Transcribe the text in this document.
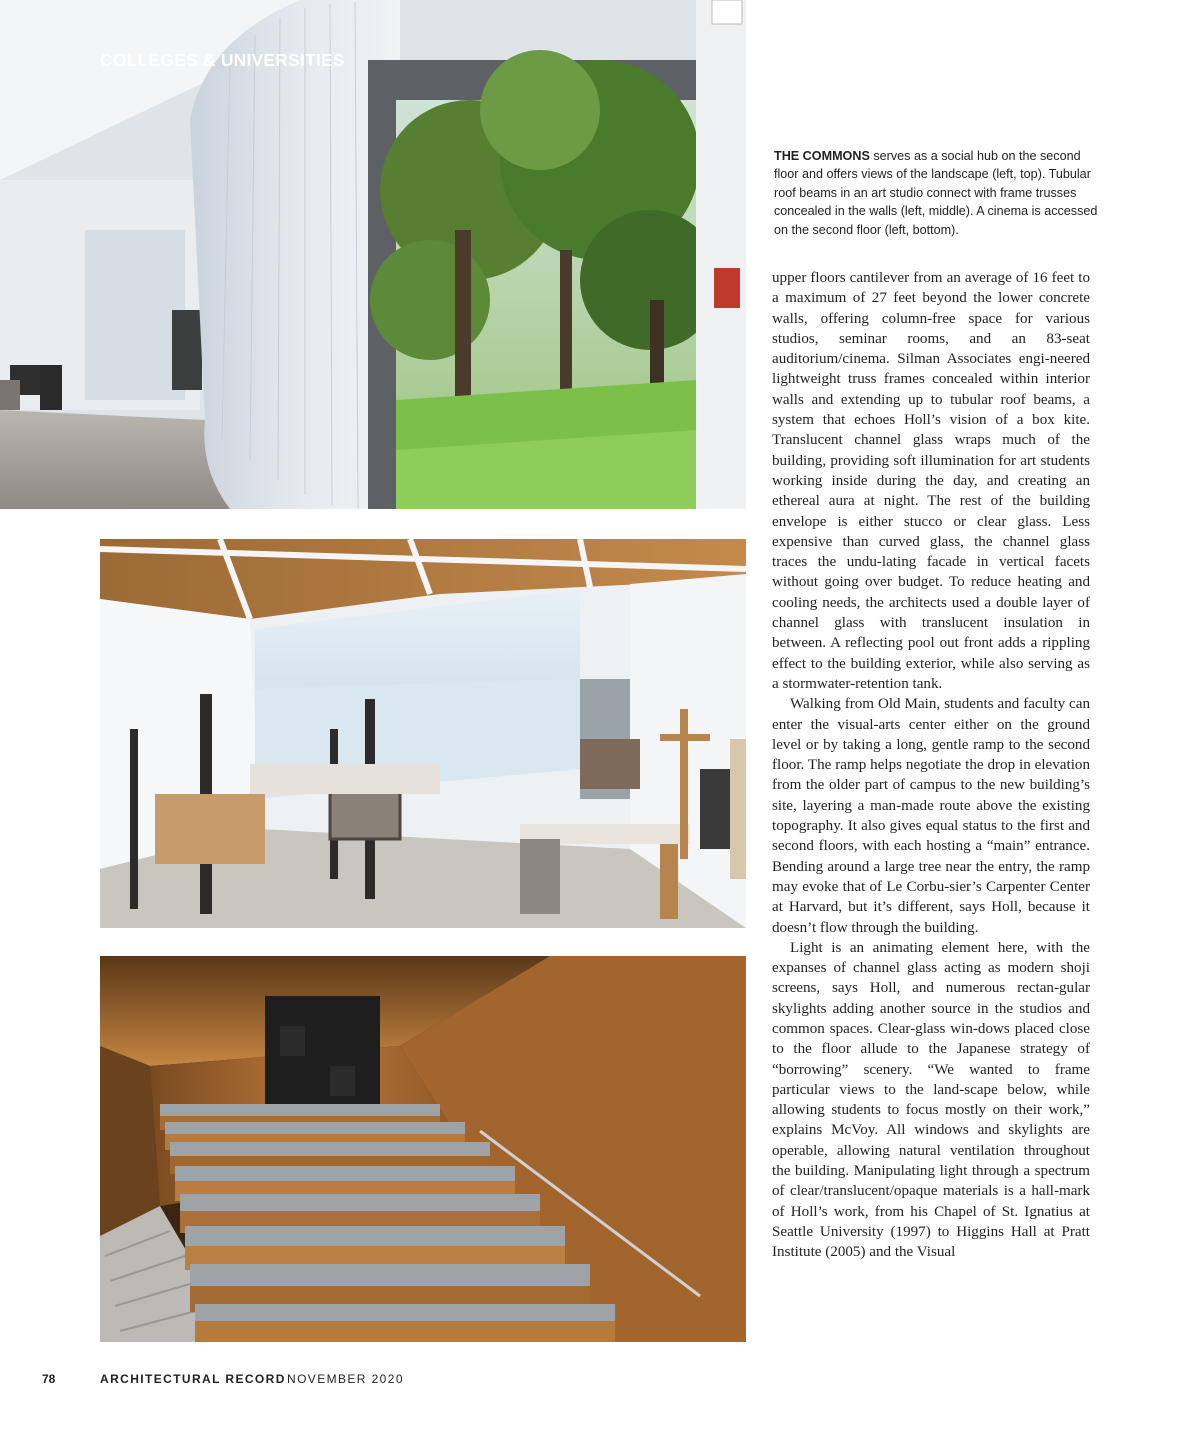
COLLEGES & UNIVERSITIES

THE COMMONS serves as a social hub on the second floor and offers views of the landscape (left, top). Tubular roof beams in an art studio connect with frame trusses concealed in the walls (left, middle). A cinema is accessed on the second floor (left, bottom).

upper floors cantilever from an average of 16 feet to a maximum of 27 feet beyond the lower concrete walls, offering column-free space for various studios, seminar rooms, and an 83-seat auditorium/cinema. Silman Associates engi-neered lightweight truss frames concealed within interior walls and extending up to tubular roof beams, a system that echoes Holl’s vision of a box kite. Translucent channel glass wraps much of the building, providing soft illumination for art students working inside during the day, and creating an ethereal aura at night. The rest of the building envelope is either stucco or clear glass. Less expensive than curved glass, the channel glass traces the undu-lating facade in vertical facets without going over budget. To reduce heating and cooling needs, the architects used a double layer of channel glass with translucent insulation in between. A reflecting pool out front adds a rippling effect to the building exterior, while also serving as a stormwater-retention tank.

Walking from Old Main, students and faculty can enter the visual-arts center either on the ground level or by taking a long, gentle ramp to the second floor. The ramp helps negotiate the drop in elevation from the older part of campus to the new building’s site, layering a man-made route above the existing topography. It also gives equal status to the first and second floors, with each hosting a “main” entrance. Bending around a large tree near the entry, the ramp may evoke that of Le Corbu-sier’s Carpenter Center at Harvard, but it’s different, says Holl, because it doesn’t flow through the building.

Light is an animating element here, with the expanses of channel glass acting as modern shoji screens, says Holl, and numerous rectan-gular skylights adding another source in the studios and common spaces. Clear-glass win-dows placed close to the floor allude to the Japanese strategy of “borrowing” scenery. “We wanted to frame particular views to the land-scape below, while allowing students to focus mostly on their work,” explains McVoy. All windows and skylights are operable, allowing natural ventilation throughout the building. Manipulating light through a spectrum of clear/translucent/opaque materials is a hall-mark of Holl’s work, from his Chapel of St. Ignatius at Seattle University (1997) to Higgins Hall at Pratt Institute (2005) and the Visual

78	ARCHITECTURAL RECORD NOVEMBER 2020
